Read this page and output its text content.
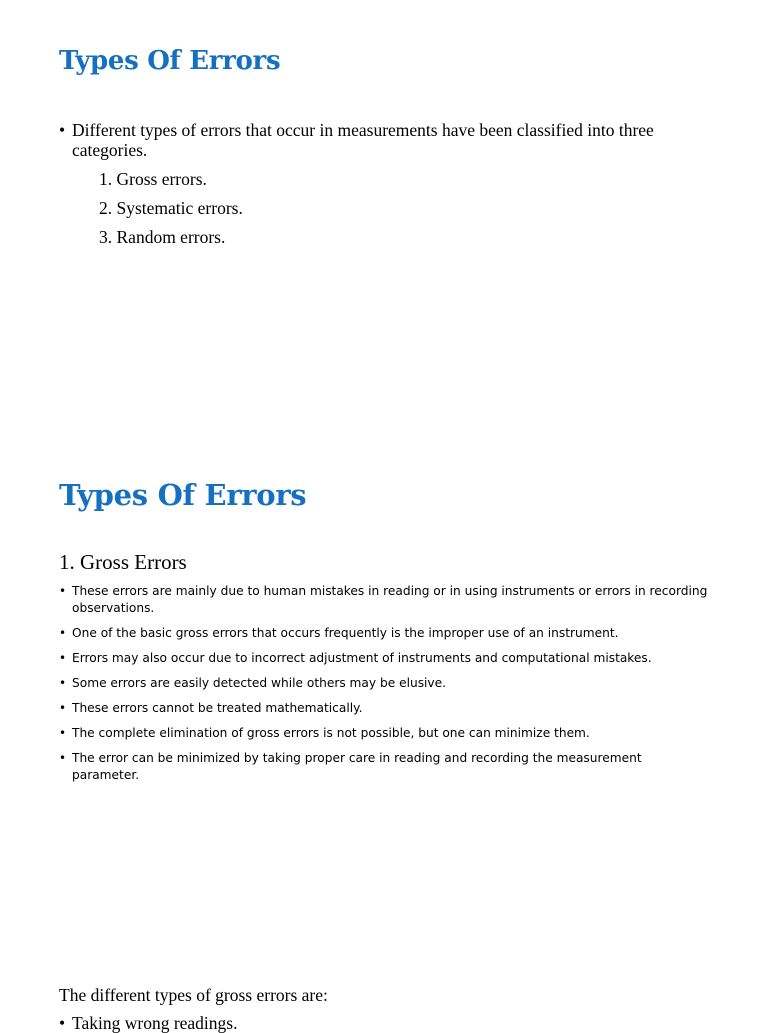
Types Of Errors
• Different types of errors that occur in measurements have been classified into three categories.
1. Gross errors.
2. Systematic errors.
3. Random errors.
Types Of Errors
1. Gross Errors
• These errors are mainly due to human mistakes in reading or in using instruments or errors in recording observations.
• One of the basic gross errors that occurs frequently is the improper use of an instrument.
• Errors may also occur due to incorrect adjustment of instruments and computational mistakes.
• Some errors are easily detected while others may be elusive.
• These errors cannot be treated mathematically.
• The complete elimination of gross errors is not possible, but one can minimize them.
• The error can be minimized by taking proper care in reading and recording the measurement parameter.

The different types of gross errors are:

• Taking wrong readings.
